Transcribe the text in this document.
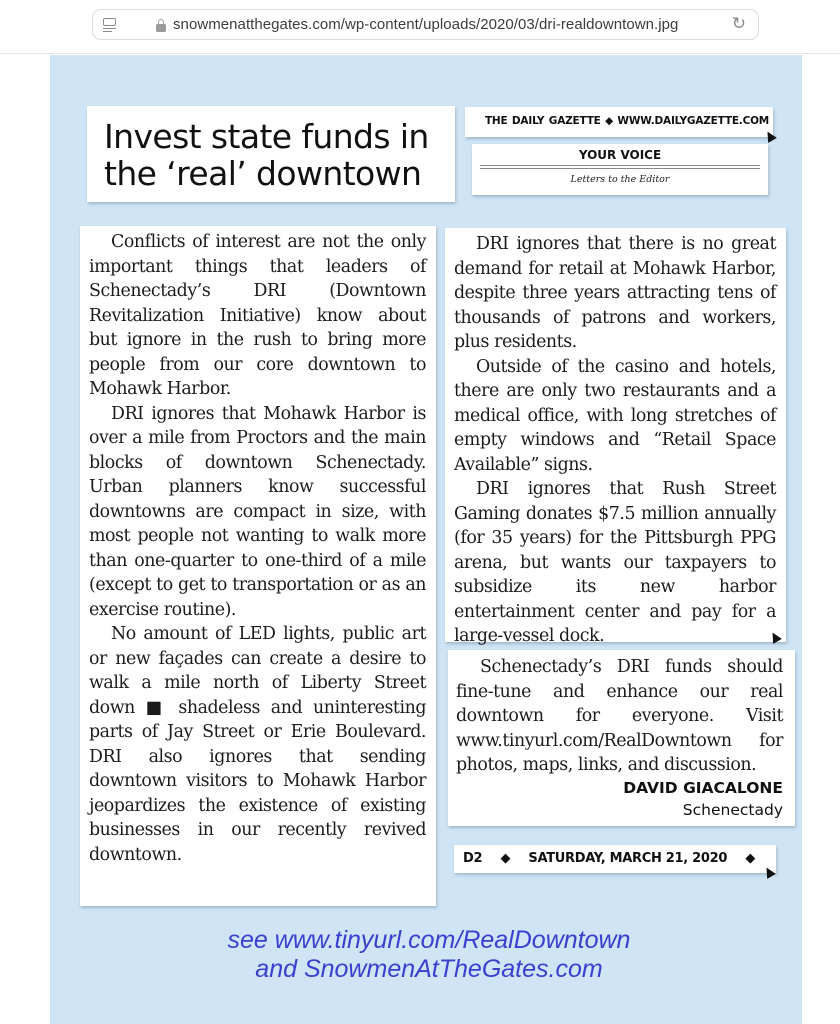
snowmenatthegates.com/wp-content/uploads/2020/03/dri-realdowntown.jpg	↻
Invest state funds in
the ‘real’ downtown
THE DAILY GAZETTE ◆ WWW.DAILYGAZETTE.COM
YOUR VOICE
Letters to the Editor

Conflicts of interest are not the only important things that leaders of Schenectady’s DRI (Downtown Revitalization Initiative) know about but ignore in the rush to bring more people from our core downtown to Mohawk Harbor.

DRI ignores that Mohawk Harbor is over a mile from Proctors and the main blocks of downtown Schenectady. Urban planners know successful downtowns are compact in size, with most people not wanting to walk more than one-quarter to one-third of a mile (except to get to transportation or as an exercise routine).

No amount of LED lights, public art or new façades can create a desire to walk a mile north of Liberty Street down ■ shadeless and uninteresting parts of Jay Street or Erie Boulevard. DRI also ignores that sending downtown visitors to Mohawk Harbor jeopardizes the existence of existing businesses in our recently revived downtown.

DRI ignores that there is no great demand for retail at Mohawk Harbor, despite three years attracting tens of thousands of patrons and workers, plus residents.

Outside of the casino and hotels, there are only two restaurants and a medical office, with long stretches of empty windows and “Retail Space Available” signs.

DRI ignores that Rush Street Gaming donates $7.5 million annually (for 35 years) for the Pittsburgh PPG arena, but wants our taxpayers to subsidize its new harbor entertainment center and pay for a large-vessel dock.

Schenectady’s DRI funds should fine-tune and enhance our real downtown for everyone. Visit www.tinyurl.com/RealDowntown for photos, maps, links, and discussion.

DAVID GIACALONE
Schenectady
D2 ◆ SATURDAY, MARCH 21, 2020 ◆
see www.tinyurl.com/RealDowntown
and SnowmenAtTheGates.com
